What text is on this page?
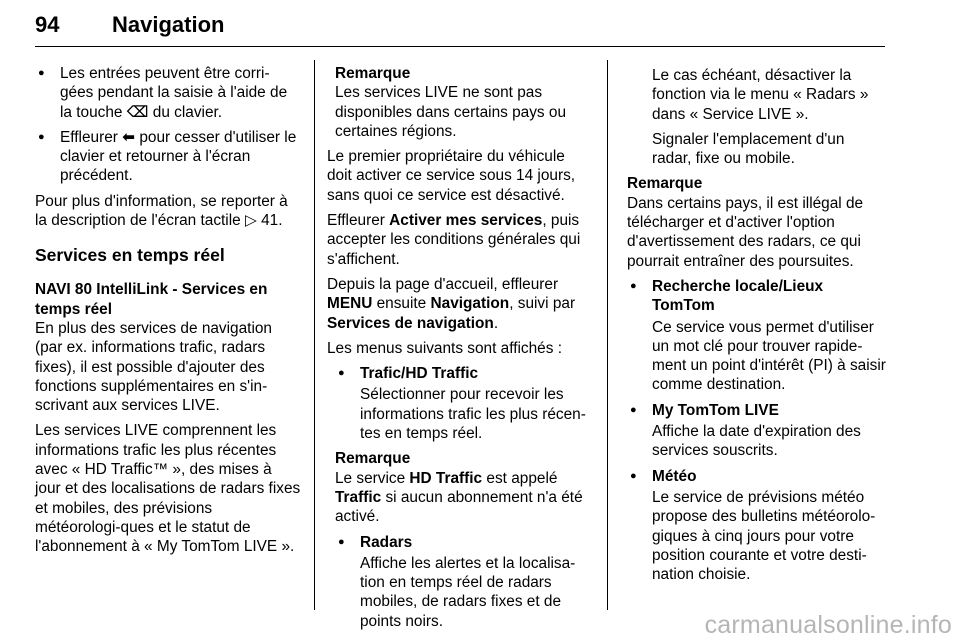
94 Navigation
● Les entrées peuvent être corri-gées pendant la saisie à l'aide de la touche ⌫ du clavier.
● Effleurer ⬅ pour cesser d'utiliser le clavier et retourner à l'écran précédent.

Pour plus d'information, se reporter à la description de l'écran tactile ▷ 41.

Services en temps réel
NAVI 80 IntelliLink - Services en temps réel

En plus des services de navigation (par ex. informations trafic, radars fixes), il est possible d'ajouter des fonctions supplémentaires en s'in-scrivant aux services LIVE.

Les services LIVE comprennent les informations trafic les plus récentes avec « HD Traffic™ », des mises à jour et des localisations de radars fixes et mobiles, des prévisions météorologi-ques et le statut de l'abonnement à « My TomTom LIVE ».

Remarque

Les services LIVE ne sont pas disponibles dans certains pays ou certaines régions.

Le premier propriétaire du véhicule doit activer ce service sous 14 jours, sans quoi ce service est désactivé.

Effleurer Activer mes services, puis accepter les conditions générales qui s'affichent.

Depuis la page d'accueil, effleurer MENU ensuite Navigation, suivi par Services de navigation.

Les menus suivants sont affichés :

● Trafic/HD Traffic

Sélectionner pour recevoir les informations trafic les plus récen-tes en temps réel.

Remarque

Le service HD Traffic est appelé Traffic si aucun abonnement n'a été activé.

● Radars

Affiche les alertes et la localisa-tion en temps réel de radars mobiles, de radars fixes et de points noirs.

Le cas échéant, désactiver la fonction via le menu « Radars » dans « Service LIVE ».

Signaler l'emplacement d'un radar, fixe ou mobile.

Remarque

Dans certains pays, il est illégal de télécharger et d'activer l'option d'avertissement des radars, ce qui pourrait entraîner des poursuites.

● Recherche locale/Lieux TomTom

Ce service vous permet d'utiliser un mot clé pour trouver rapide-ment un point d'intérêt (PI) à saisir comme destination.

● My TomTom LIVE

Affiche la date d'expiration des services souscrits.

● Météo

Le service de prévisions météo propose des bulletins météorolo-giques à cinq jours pour votre position courante et votre desti-nation choisie.

carmanualsonline.info
